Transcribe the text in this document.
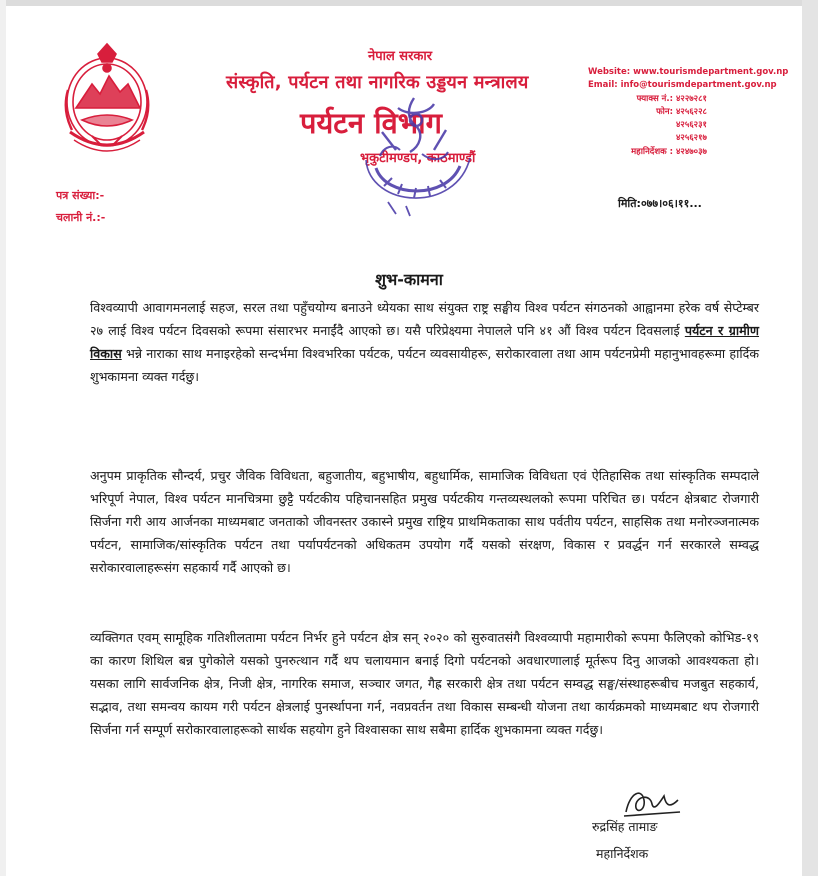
नेपाल सरकार
संस्कृति, पर्यटन तथा नागरिक उड्डयन मन्त्रालय
पर्यटन विभाग
भृकुटीमण्डप, काठमाण्डौं
Website: www.tourismdepartment.gov.np
Email: info@tourismdepartment.gov.np
फ्याक्स नं.: ४२२७२८१
फोन: ४२५६२२८
४२५६२३१
४२५६२१७
महानिर्देशक : ४२४७०३७
पत्र संख्या:-
चलानी नं.:-
मिति:०७७।०६।११...
शुभ-कामना
विश्वव्यापी आवागमनलाई सहज, सरल तथा पहुँचयोग्य बनाउने ध्येयका साथ संयुक्त राष्ट्र सङ्घीय विश्व पर्यटन संगठनको आह्वानमा हरेक वर्ष सेप्टेम्बर २७ लाई विश्व पर्यटन दिवसको रूपमा संसारभर मनाईंदै आएको छ। यसै परिप्रेक्ष्यमा नेपालले पनि ४१ औं विश्व पर्यटन दिवसलाई पर्यटन र ग्रामीण विकास भन्ने नाराका साथ मनाइरहेको सन्दर्भमा विश्वभरिका पर्यटक, पर्यटन व्यवसायीहरू, सरोकारवाला तथा आम पर्यटनप्रेमी महानुभावहरूमा हार्दिक शुभकामना व्यक्त गर्दछु।
अनुपम प्राकृतिक सौन्दर्य, प्रचुर जैविक विविधता, बहुजातीय, बहुभाषीय, बहुधार्मिक, सामाजिक विविधता एवं ऐतिहासिक तथा सांस्कृतिक सम्पदाले भरिपूर्ण नेपाल, विश्व पर्यटन मानचित्रमा छुट्टै पर्यटकीय पहिचानसहित प्रमुख पर्यटकीय गन्तव्यस्थलको रूपमा परिचित छ। पर्यटन क्षेत्रबाट रोजगारी सिर्जना गरी आय आर्जनका माध्यमबाट जनताको जीवनस्तर उकास्ने प्रमुख राष्ट्रिय प्राथमिकताका साथ पर्वतीय पर्यटन, साहसिक तथा मनोरञ्जनात्मक पर्यटन, सामाजिक/सांस्कृतिक पर्यटन तथा पर्यापर्यटनको अधिकतम उपयोग गर्दै यसको संरक्षण, विकास र प्रवर्द्धन गर्न सरकारले सम्वद्ध सरोकारवालाहरूसंग सहकार्य गर्दै आएको छ।
व्यक्तिगत एवम् सामूहिक गतिशीलतामा पर्यटन निर्भर हुने पर्यटन क्षेत्र सन् २०२० को सुरुवातसंगै विश्वव्यापी महामारीको रूपमा फैलिएको कोभिड-१९ का कारण शिथिल बन्न पुगेकोले यसको पुनरुत्थान गर्दै थप चलायमान बनाई दिगो पर्यटनको अवधारणालाई मूर्तरूप दिनु आजको आवश्यकता हो। यसका लागि सार्वजनिक क्षेत्र, निजी क्षेत्र, नागरिक समाज, सञ्चार जगत, गैह्र सरकारी क्षेत्र तथा पर्यटन सम्वद्ध सङ्घ/संस्थाहरूबीच मजबुत सहकार्य, सद्भाव, तथा समन्वय कायम गरी पर्यटन क्षेत्रलाई पुनर्स्थापना गर्न, नवप्रवर्तन तथा विकास सम्बन्धी योजना तथा कार्यक्रमको माध्यमबाट थप रोजगारी सिर्जना गर्न सम्पूर्ण सरोकारवालाहरूको सार्थक सहयोग हुने विश्वासका साथ सबैमा हार्दिक शुभकामना व्यक्त गर्दछु।
रुद्रसिंह तामाङ
महानिर्देशक
